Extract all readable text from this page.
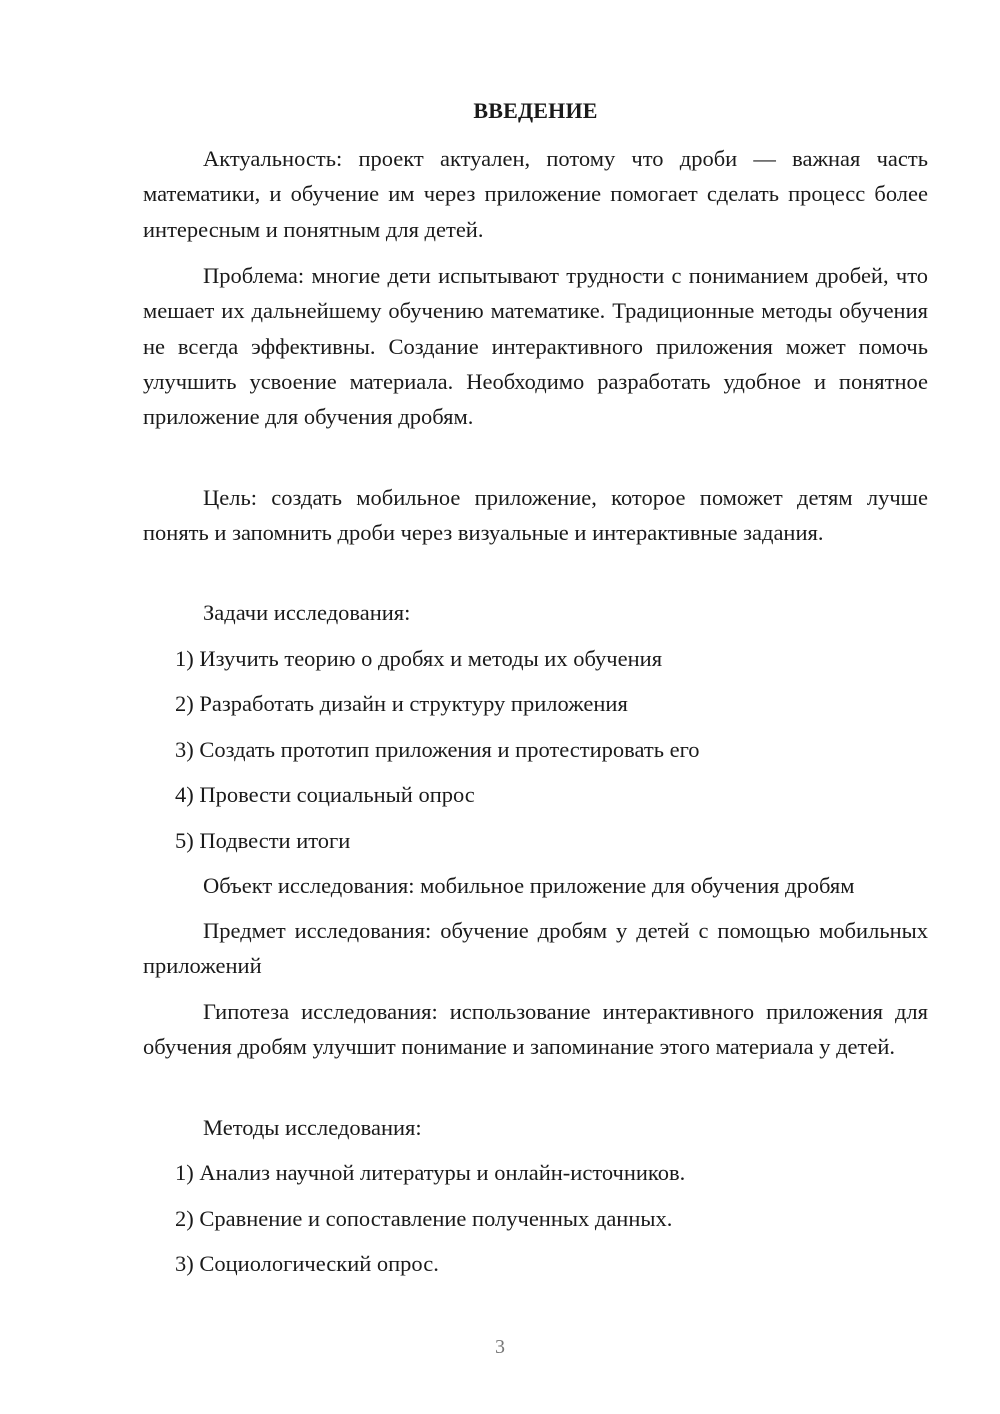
ВВЕДЕНИЕ

Актуальность: проект актуален, потому что дроби — важная часть математики, и обучение им через приложение помогает сделать процесс более интересным и понятным для детей.

Проблема: многие дети испытывают трудности с пониманием дробей, что мешает их дальнейшему обучению математике. Традиционные методы обучения не всегда эффективны. Создание интерактивного приложения может помочь улучшить усвоение материала. Необходимо разработать удобное и понятное приложение для обучения дробям.

Цель: создать мобильное приложение, которое поможет детям лучше понять и запомнить дроби через визуальные и интерактивные задания.

Задачи исследования:

1) Изучить теорию о дробях и методы их обучения

2) Разработать дизайн и структуру приложения

3) Создать прототип приложения и протестировать его

4) Провести социальный опрос

5) Подвести итоги

Объект исследования: мобильное приложение для обучения дробям

Предмет исследования: обучение дробям у детей с помощью мобильных приложений

Гипотеза исследования: использование интерактивного приложения для обучения дробям улучшит понимание и запоминание этого материала у детей.

Методы исследования:

1) Анализ научной литературы и онлайн-источников.

2) Сравнение и сопоставление полученных данных.

3) Социологический опрос.

3
